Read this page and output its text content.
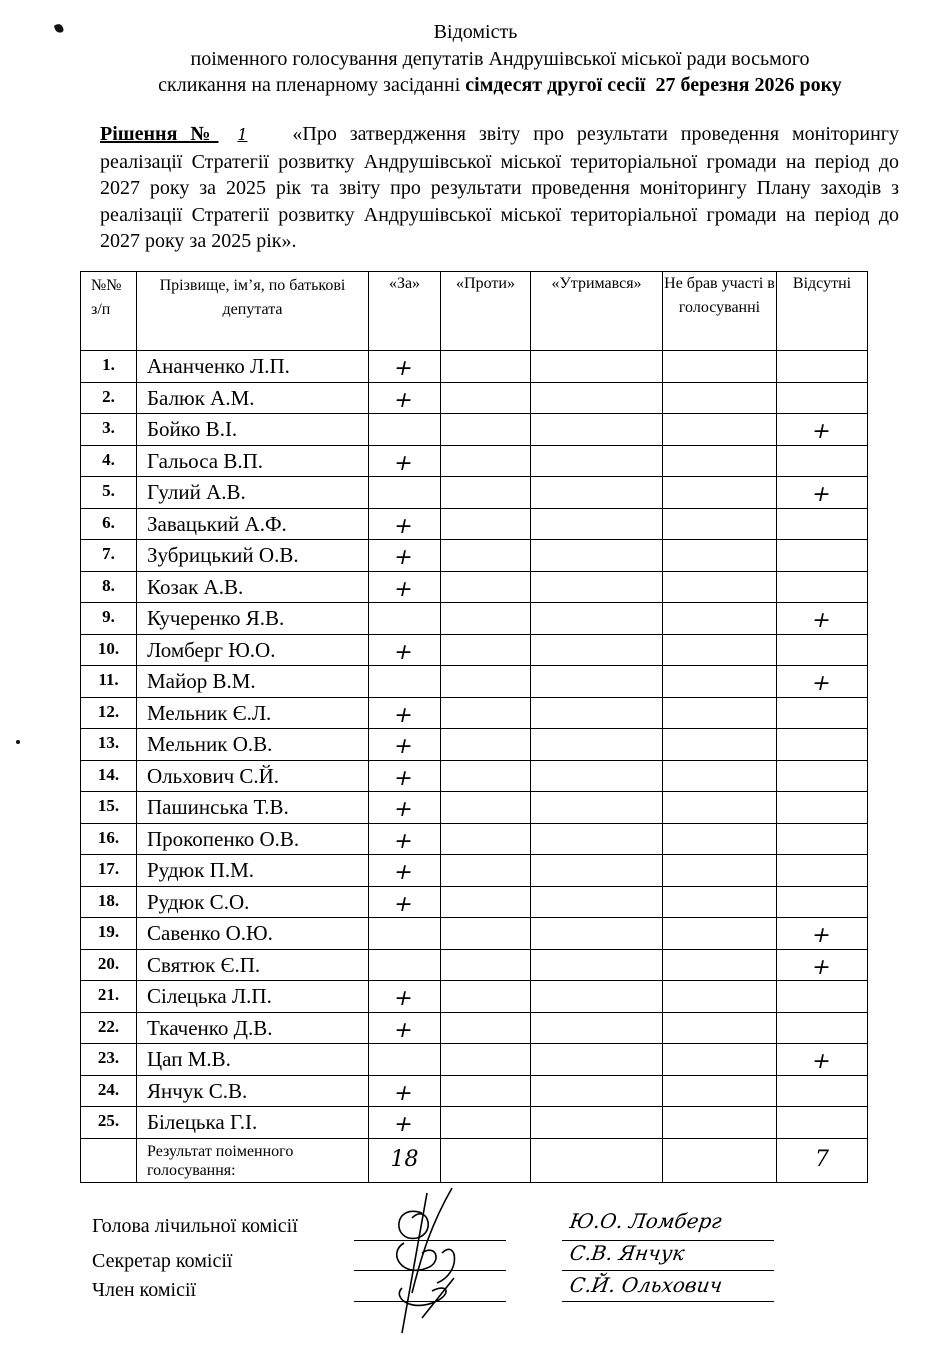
Відомість
поіменного голосування депутатів Андрушівської міської ради восьмого
скликання на пленарному засіданні сімдесят другої сесії 27 березня 2026 року
Рішення № 1 «Про затвердження звіту про результати проведення моніторингу реалізації Стратегії розвитку Андрушівської міської територіальної громади на період до 2027 року за 2025 рік та звіту про результати проведення моніторингу Плану заходів з реалізації Стратегії розвитку Андрушівської міської територіальної громади на період до 2027 року за 2025 рік».
№№ з/п	Прізвище, ім’я, по батькові депутата	«За»	«Проти»	«Утримався»	Не брав участі в голосуванні	Відсутні
1.	Ананченко Л.П.	+				
2.	Балюк А.М.	+				
3.	Бойко В.І.					+
4.	Гальоса В.П.	+				
5.	Гулий А.В.					+
6.	Завацький А.Ф.	+				
7.	Зубрицький О.В.	+				
8.	Козак А.В.	+				
9.	Кучеренко Я.В.					+
10.	Ломберг Ю.О.	+				
11.	Майор В.М.					+
12.	Мельник Є.Л.	+				
13.	Мельник О.В.	+				
14.	Ольхович С.Й.	+				
15.	Пашинська Т.В.	+				
16.	Прокопенко О.В.	+				
17.	Рудюк П.М.	+				
18.	Рудюк С.О.	+				
19.	Савенко О.Ю.					+
20.	Святюк Є.П.					+
21.	Сілецька Л.П.	+				
22.	Ткаченко Д.В.	+				
23.	Цап М.В.					+
24.	Янчук С.В.	+				
25.	Білецька Г.І.	+				
	Результат поіменного голосування:	18				7
Голова лічильної комісії
Секретар комісії
Член комісії
Ю.О. Ломберг
С.В. Янчук
С.Й. Ольхович
